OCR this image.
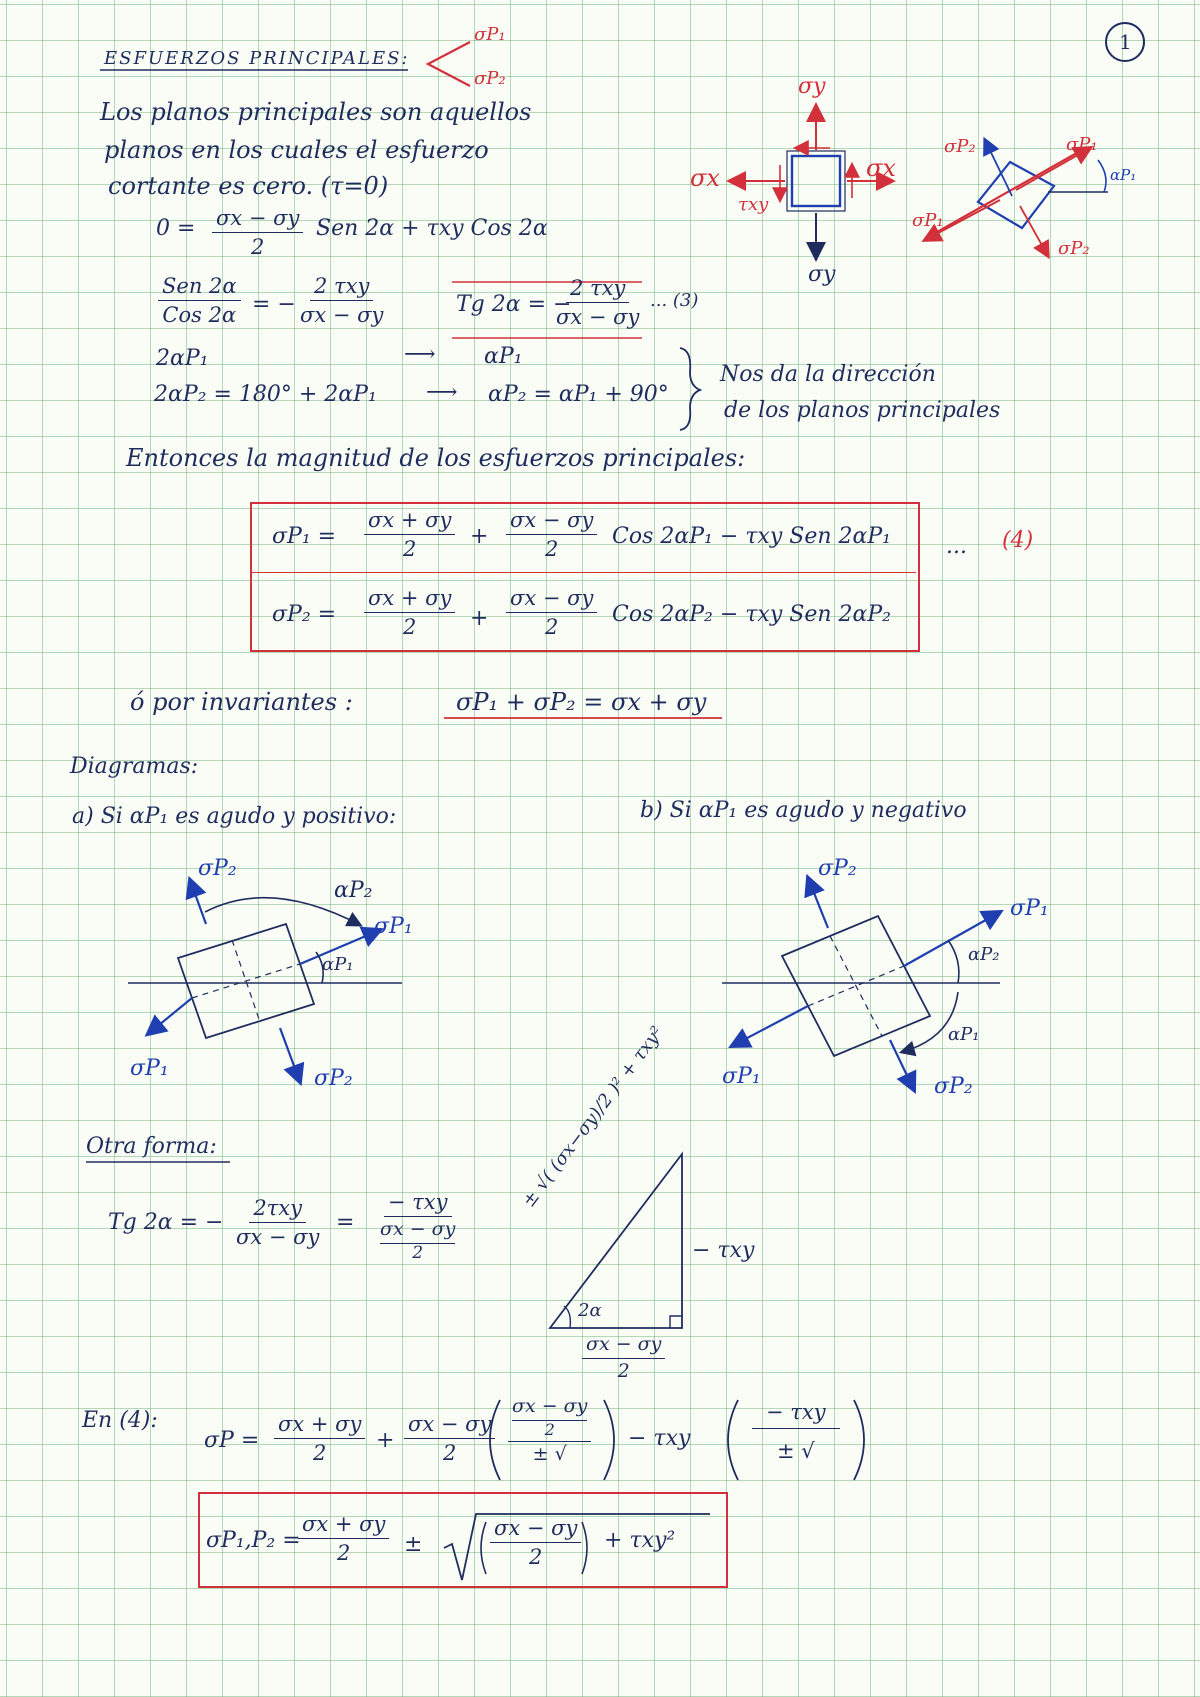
1
ESFUERZOS PRINCIPALES:
σP₁
σP₂
Los planos principales son aquellos
planos en los cuales el esfuerzo
cortante es cero. (τ=0)
$0 = \frac{\sigma x - \sigma y}{2}$ Sen 2α + τxy Cos 2α
Sen 2α
Cos 2α = −
2 τxy
σx − σy	Tg 2α = −
2 τxy
σx − σy
... (3)
2αP₁	⟶ αP₁
2αP₂ = 180° + 2αP₁ ⟶ αP₂ = αP₁ + 90°
Nos da la dirección
de los planos principales
Entonces la magnitud de los esfuerzos principales:
$\sigma P_1 = \frac{\sigma x + \sigma y}{2} + \frac{\sigma x - \sigma y}{2}$ Cos 2αP₁ − τxy Sen 2αP₁
$\sigma P_2 = \frac{\sigma x + \sigma y}{2} + \frac{\sigma x - \sigma y}{2}$ Cos 2αP₂ − τxy Sen 2αP₂
... (4)
ó por invariantes :	σP₁ + σP₂ = σx + σy
σy
σy
σx	σx
τxy
σP₂	σP₁
αP₁
σP₁
σP₂
Diagramas:
a) Si αP₁ es agudo y positivo:	b) Si αP₁ es agudo y negativo
σP₂
αP₂
σP₁
αP₁
σP₁	σP₂
σP₂
σP₁
αP₂
αP₁
σP₁	σP₂
Otra forma:
Tg 2α = −
2τxy
σx − σy
=
− τxy
σx − σy
2
± √( (σx−σy)/2 )² + τxy²
− τxy
2α
$\frac{\sigma x - \sigma y}{2}$
En (4):
$\sigma P = \frac{\sigma x + \sigma y}{2} + \frac{\sigma x - \sigma y}{2}$
σx − σy
2
± √
− τxy
− τxy
± √
σP₁,P₂ =
$\frac{\sigma x + \sigma y}{2}$ ±	$\frac{\sigma x - \sigma y}{2} + \tau xy^2$
